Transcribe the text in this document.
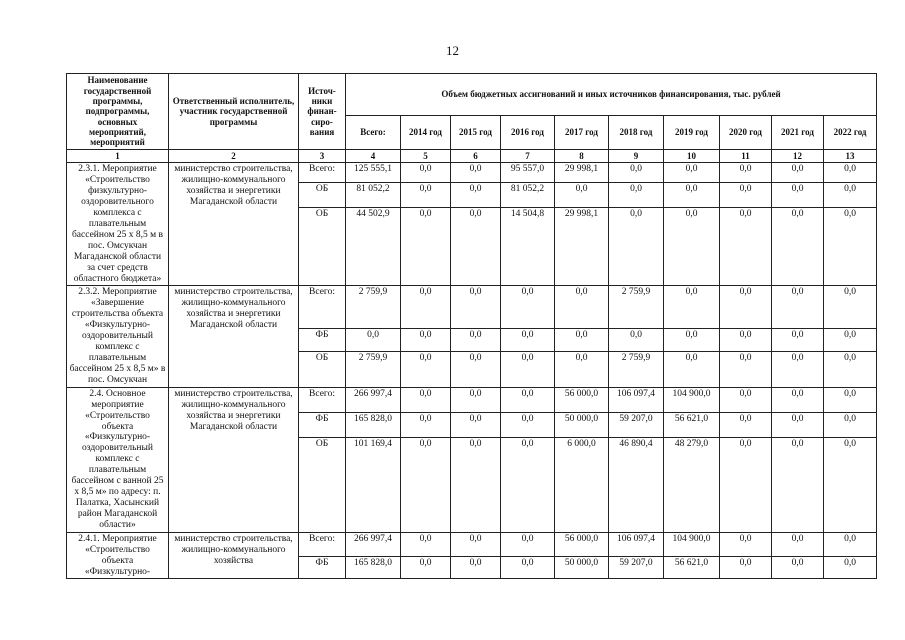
12
Наименование государственной программы, подпрограммы, основных мероприятий, мероприятий	Ответственный исполнитель, участник государственной программы	Источ-ники финан-сиро-вания	Объем бюджетных ассигнований и иных источников финансирования, тыс. рублей									
			Всего:	2014 год	2015 год	2016 год	2017 год	2018 год	2019 год	2020 год	2021 год	2022 год
1	2	3	4	5	6	7	8	9	10	11	12	13
2.3.1. Мероприятие «Строительство физкультурно-оздоровительного комплекса с плавательным бассейном 25 х 8,5 м в пос. Омсукчан Магаданской области за счет средств областного бюджета»	министерство строительства, жилищно-коммунального хозяйства и энергетики Магаданской области	Всего:	125 555,1	0,0	0,0	95 557,0	29 998,1	0,0	0,0	0,0	0,0	0,0
		ОБ	81 052,2	0,0	0,0	81 052,2	0,0	0,0	0,0	0,0	0,0	0,0
		ОБ	44 502,9	0,0	0,0	14 504,8	29 998,1	0,0	0,0	0,0	0,0	0,0
2.3.2. Мероприятие «Завершение строительства объекта «Физкультурно-оздоровительный комплекс с плавательным бассейном 25 х 8,5 м» в пос. Омсукчан	министерство строительства, жилищно-коммунального хозяйства и энергетики Магаданской области	Всего:	2 759,9	0,0	0,0	0,0	0,0	2 759,9	0,0	0,0	0,0	0,0
		ФБ	0,0	0,0	0,0	0,0	0,0	0,0	0,0	0,0	0,0	0,0
		ОБ	2 759,9	0,0	0,0	0,0	0,0	2 759,9	0,0	0,0	0,0	0,0
2.4. Основное мероприятие «Строительство объекта «Физкультурно-оздоровительный комплекс с плавательным бассейном с ванной 25 х 8,5 м» по адресу: п. Палатка, Хасынский район Магаданской области»	министерство строительства, жилищно-коммунального хозяйства и энергетики Магаданской области	Всего:	266 997,4	0,0	0,0	0,0	56 000,0	106 097,4	104 900,0	0,0	0,0	0,0
		ФБ	165 828,0	0,0	0,0	0,0	50 000,0	59 207,0	56 621,0	0,0	0,0	0,0
		ОБ	101 169,4	0,0	0,0	0,0	6 000,0	46 890,4	48 279,0	0,0	0,0	0,0
2.4.1. Мероприятие «Строительство объекта «Физкультурно-	министерство строительства, жилищно-коммунального хозяйства	Всего:	266 997,4	0,0	0,0	0,0	56 000,0	106 097,4	104 900,0	0,0	0,0	0,0
		ФБ	165 828,0	0,0	0,0	0,0	50 000,0	59 207,0	56 621,0	0,0	0,0	0,0
